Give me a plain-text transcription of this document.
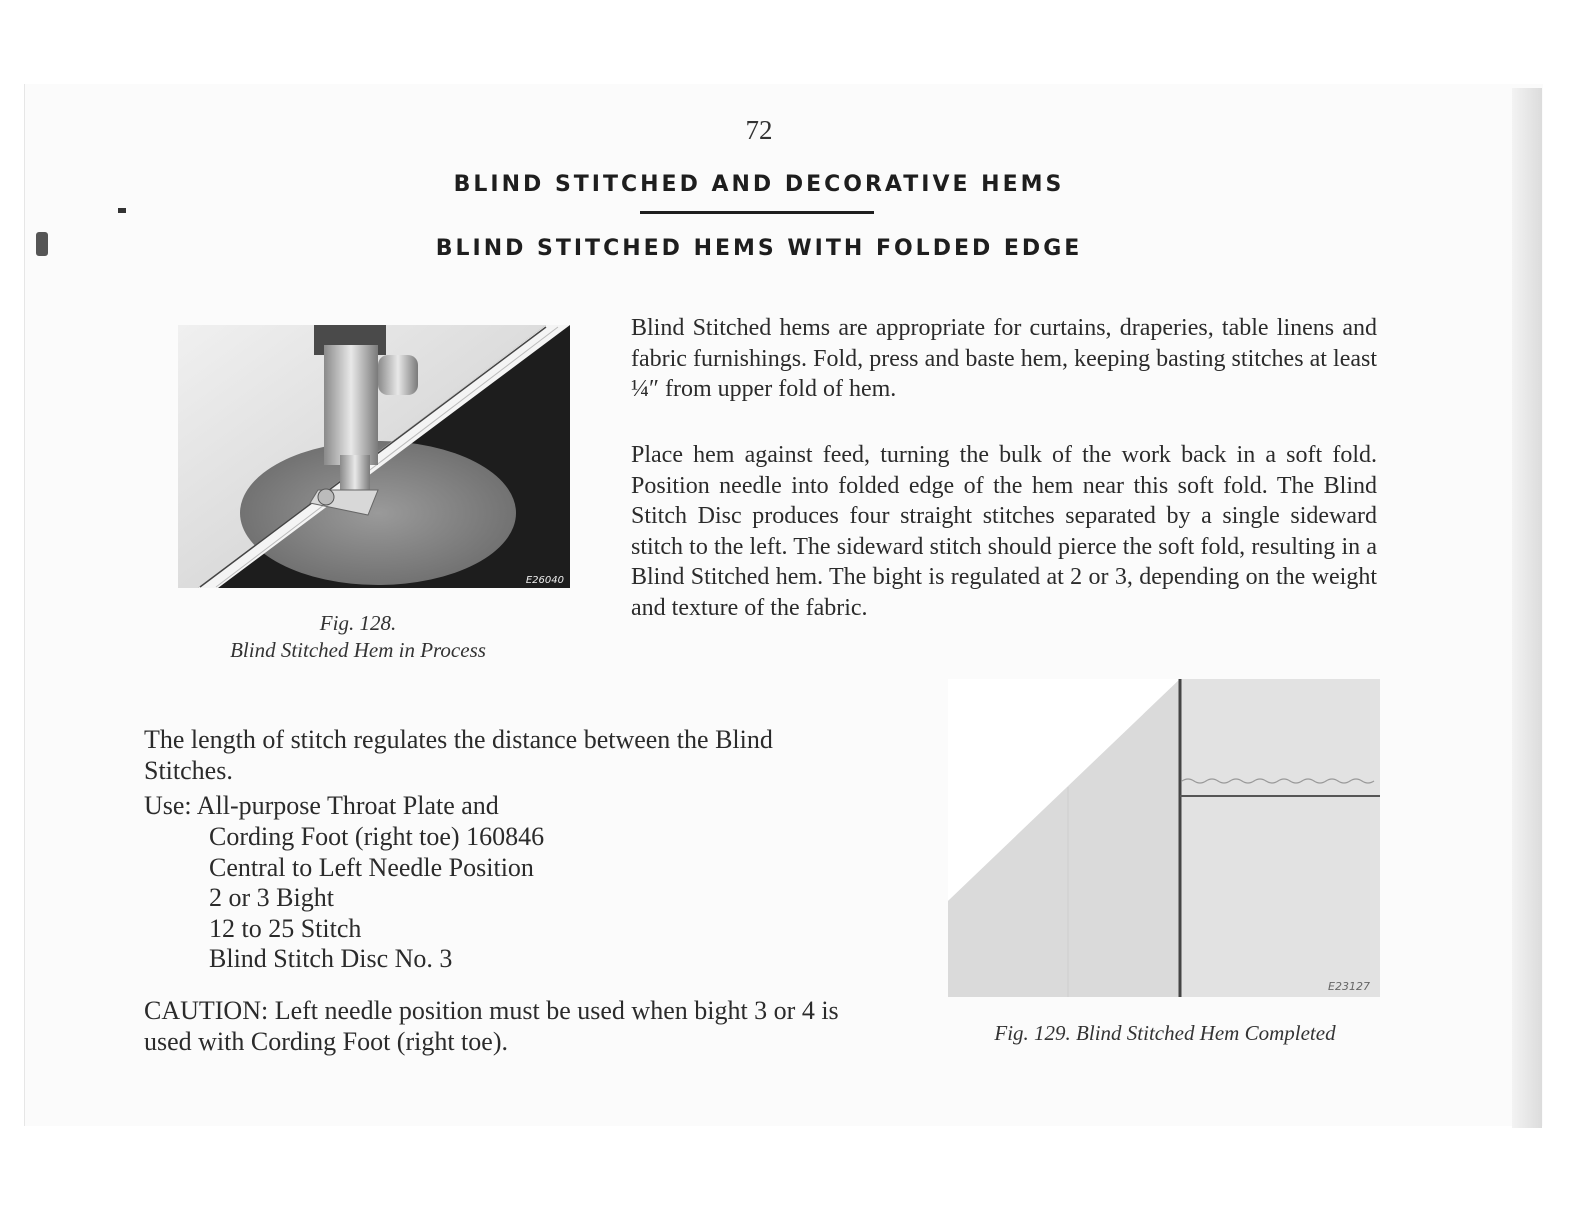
72
BLIND STITCHED AND DECORATIVE HEMS
BLIND STITCHED HEMS WITH FOLDED EDGE
E26040
Fig. 128.
Blind Stitched Hem in Process
Blind Stitched hems are appropriate for curtains, draperies, table linens and fabric furnishings. Fold, press and baste hem, keeping basting stitches at least ¼″ from upper fold of hem.
Place hem against feed, turning the bulk of the work back in a soft fold. Position needle into folded edge of the hem near this soft fold. The Blind Stitch Disc produces four straight stitches separated by a single sideward stitch to the left. The sideward stitch should pierce the soft fold, resulting in a Blind Stitched hem. The bight is regulated at 2 or 3, depending on the weight and texture of the fabric.
The length of stitch regulates the distance between the Blind Stitches.
Use: All-purpose Throat Plate and
Cording Foot (right toe) 160846
Central to Left Needle Position
2 or 3 Bight
12 to 25 Stitch
Blind Stitch Disc No. 3
CAUTION: Left needle position must be used when bight 3 or 4 is used with Cording Foot (right toe).
E23127
Fig. 129. Blind Stitched Hem Completed
